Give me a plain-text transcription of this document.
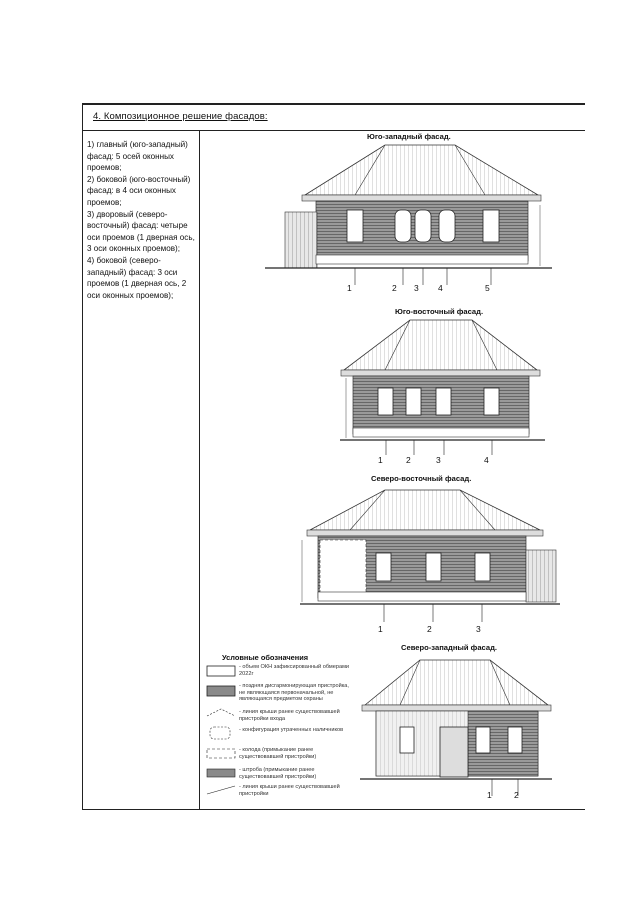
4. Композиционное решение фасадов:

1) главный (юго-западный) фасад: 5 осей оконных проемов;

2) боковой (юго-восточный) фасад: в 4 оси оконных проемов;

3) дворовый (северо-восточный) фасад: четыре оси проемов (1 дверная ось, 3 оси оконных проемов);

4) боковой (северо-западный) фасад: 3 оси проемов (1 дверная ось, 2 оси оконных проемов);

Юго-западный фасад.
Юго-восточный фасад.
Северо-восточный фасад.
Северо-западный фасад.
1	2 3 4	5
1	2	3	4
1	2	3
1	2
Условные обозначения
- объем ОКН зафиксированный обмерами 2022г
- поздняя дисгармонирующая пристройка, не являющаяся первоначальной, не являющаяся предметом охраны
- линия крыши ранее существовавшей пристройки входа
- конфигурация утраченных наличников
- колода (примыкание ранее существовавшей пристройки)
- штроба (примыкание ранее существовавшей пристройки)
- линия крыши ранее существовавшей пристройки
